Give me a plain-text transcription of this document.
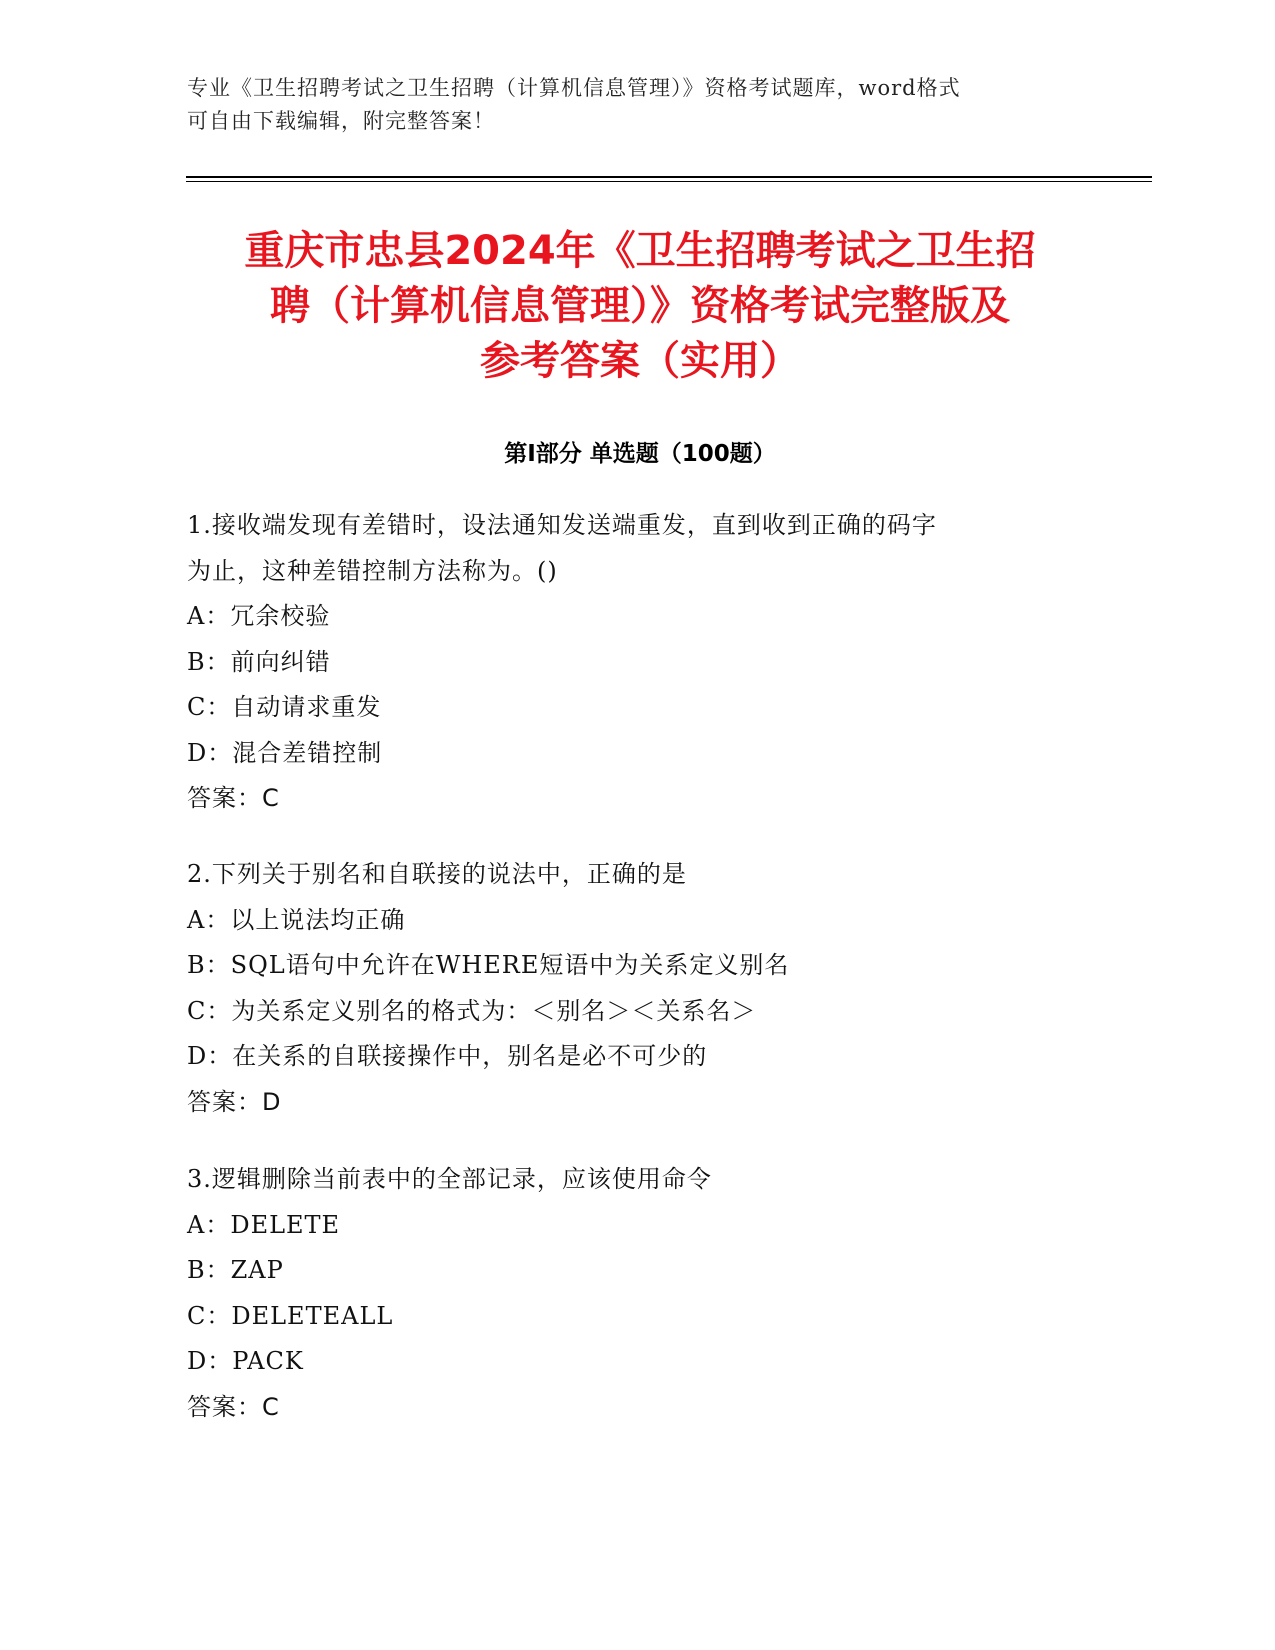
专业《卫生招聘考试之卫生招聘（计算机信息管理）》资格考试题库，word格式
可自由下载编辑，附完整答案！
重庆市忠县2024年《卫生招聘考试之卫生招
聘（计算机信息管理）》资格考试完整版及
参考答案（实用）
第Ⅰ部分 单选题（100题）
1.接收端发现有差错时，设法通知发送端重发，直到收到正确的码字
为止，这种差错控制方法称为。()
A：冗余校验
B：前向纠错
C：自动请求重发
D：混合差错控制
答案：C
2.下列关于别名和自联接的说法中，正确的是
A：以上说法均正确
B：SQL语句中允许在WHERE短语中为关系定义别名
C：为关系定义别名的格式为：＜别名＞＜关系名＞
D：在关系的自联接操作中，别名是必不可少的
答案：D
3.逻辑删除当前表中的全部记录，应该使用命令
A：DELETE
B：ZAP
C：DELETEALL
D：PACK
答案：C
